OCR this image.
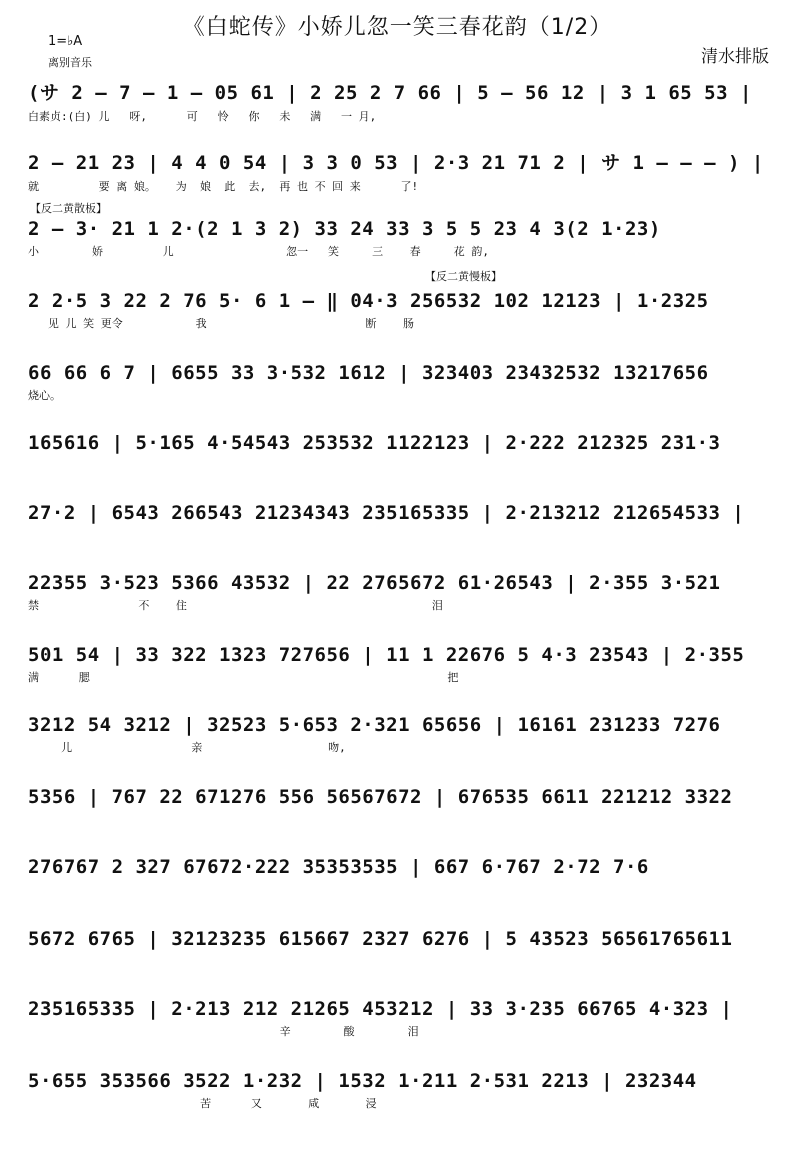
《白蛇传》小娇儿忽一笑三春花韵（1/2）
清水排版
1=♭A
离别音乐
【反二黄散板】
【反二黄慢板】
(サ 2 – 7 – 1 – 05 61 | 2 25 2 7 66 | 5 – 56 12 | 3 1 65 53 |
白素贞:(白) 儿   呀,      可   怜   你   未   满   一 月,
2 – 21 23 | 4 4 0 54 | 3 3 0 53 | 2·3 21 71 2 | サ 1 – – – ) |
就         要 离 娘。   为  娘  此  去,  再 也 不 回 来      了!
2 – 3· 21 1 2·(2 1 3 2) 33 24 33 3 5 5 23 4 3(2 1·23)
小        娇         儿                 忽一   笑     三    春     花 韵,
2 2·5 3 22 2 76 5· 6 1 – ‖ 04·3 256532 102 12123 | 1·2325
见 儿 笑 更令           我                        断    肠
66 66 6 7 | 6655 33 3·532 1612 | 323403 23432532 13217656
烧心。
165616 | 5·165 4·54543 253532 1122123 | 2·222 212325 231·3
27·2 | 6543 266543 21234343 235165335 | 2·213212 212654533 |
22355 3·523 5366 43532 | 22 2765672 61·26543 | 2·355 3·521
禁               不    住                                     泪
501 54 | 33 322 1323 727656 | 11 1 22676 5 4·3 23543 | 2·355
满      腮                                                      把
3212 54 3212 | 32523 5·653 2·321 65656 | 16161 231233 7276
儿                  亲                   吻,
5356 | 767 22 671276 556 56567672 | 676535 6611 221212 3322
276767 2 327 67672·222 35353535 | 667 6·767 2·72 7·6
5672 6765 | 32123235 615667 2327 6276 | 5 43523 56561765611
235165335 | 2·213 212 21265 453212 | 33 3·235 66765 4·323 |
辛        酸        泪
5·655 353566 3522 1·232 | 1532 1·211 2·531 2213 | 232344
苦      又       咸       浸
